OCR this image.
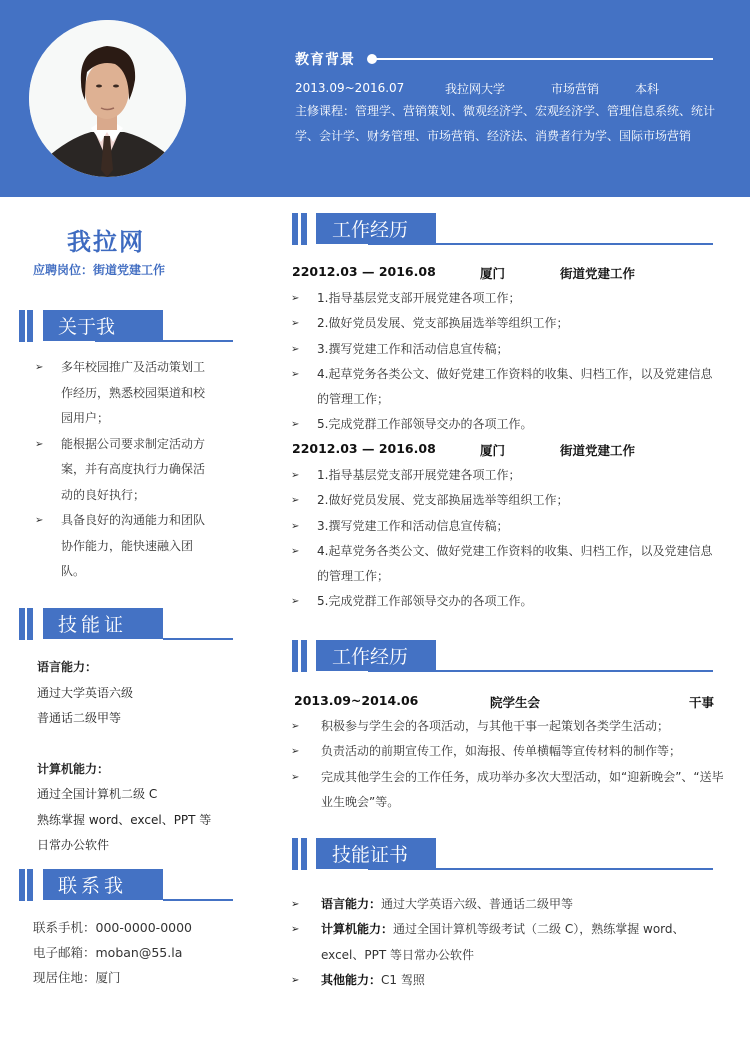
教育背景
2013.09~2016.07	我拉网大学	市场营销	本科
主修课程：管理学、营销策划、微观经济学、宏观经济学、管理信息系统、统计学、会计学、财务管理、市场营销、经济法、消费者行为学、国际市场营销
我拉网
应聘岗位：街道党建工作
关于我
➢	多年校园推广及活动策划工作经历，熟悉校园渠道和校园用户；
➢	能根据公司要求制定活动方案，并有高度执行力确保活动的良好执行；
➢	具备良好的沟通能力和团队协作能力，能快速融入团队。
技能证
语言能力：
通过大学英语六级
普通话二级甲等
计算机能力：
通过全国计算机二级 C
熟练掌握 word、excel、PPT 等
日常办公软件
联系我
联系手机：000-0000-0000
电子邮箱：moban@55.la
现居住地：厦门
工作经历
22012.03 — 2016.08	厦门	街道党建工作
➢	1.指导基层党支部开展党建各项工作；
➢	2.做好党员发展、党支部换届选举等组织工作；
➢	3.撰写党建工作和活动信息宣传稿；
➢	4.起草党务各类公文、做好党建工作资料的收集、归档工作，以及党建信息的管理工作；
➢	5.完成党群工作部领导交办的各项工作。
22012.03 — 2016.08	厦门	街道党建工作
➢	1.指导基层党支部开展党建各项工作；
➢	2.做好党员发展、党支部换届选举等组织工作；
➢	3.撰写党建工作和活动信息宣传稿；
➢	4.起草党务各类公文、做好党建工作资料的收集、归档工作，以及党建信息的管理工作；
➢	5.完成党群工作部领导交办的各项工作。
工作经历
2013.09~2014.06	院学生会	干事
➢	积极参与学生会的各项活动，与其他干事一起策划各类学生活动；
➢	负责活动的前期宣传工作，如海报、传单横幅等宣传材料的制作等；
➢	完成其他学生会的工作任务，成功举办多次大型活动，如“迎新晚会”、“送毕业生晚会”等。
技能证书
➢	语言能力：通过大学英语六级、普通话二级甲等
➢	计算机能力：通过全国计算机等级考试（二级 C），熟练掌握 word、excel、PPT 等日常办公软件
➢	其他能力：C1 驾照
